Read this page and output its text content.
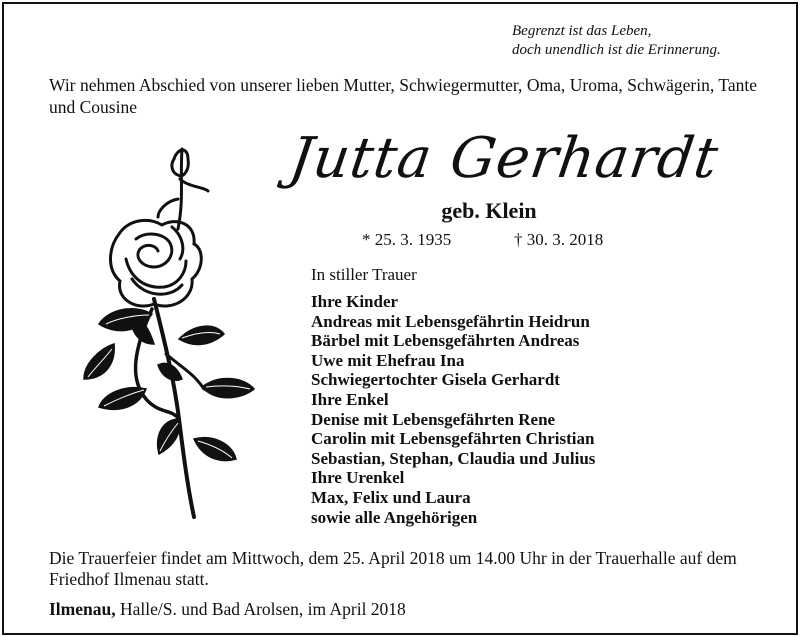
Begrenzt ist das Leben,
doch unendlich ist die Erinnerung.
Wir nehmen Abschied von unserer lieben Mutter, Schwiegermutter, Oma, Uroma, Schwägerin, Tante und Cousine
Jutta Gerhardt
geb. Klein
* 25. 3. 1935	† 30. 3. 2018
In stiller Trauer
Ihre Kinder
Andreas mit Lebensgefährtin Heidrun
Bärbel mit Lebensgefährten Andreas
Uwe mit Ehefrau Ina
Schwiegertochter Gisela Gerhardt
Ihre Enkel
Denise mit Lebensgefährten Rene
Carolin mit Lebensgefährten Christian
Sebastian, Stephan, Claudia und Julius
Ihre Urenkel
Max, Felix und Laura
sowie alle Angehörigen
Die Trauerfeier findet am Mittwoch, dem 25. April 2018 um 14.00 Uhr in der Trauerhalle auf dem Friedhof Ilmenau statt.
Ilmenau, Halle/S. und Bad Arolsen, im April 2018
